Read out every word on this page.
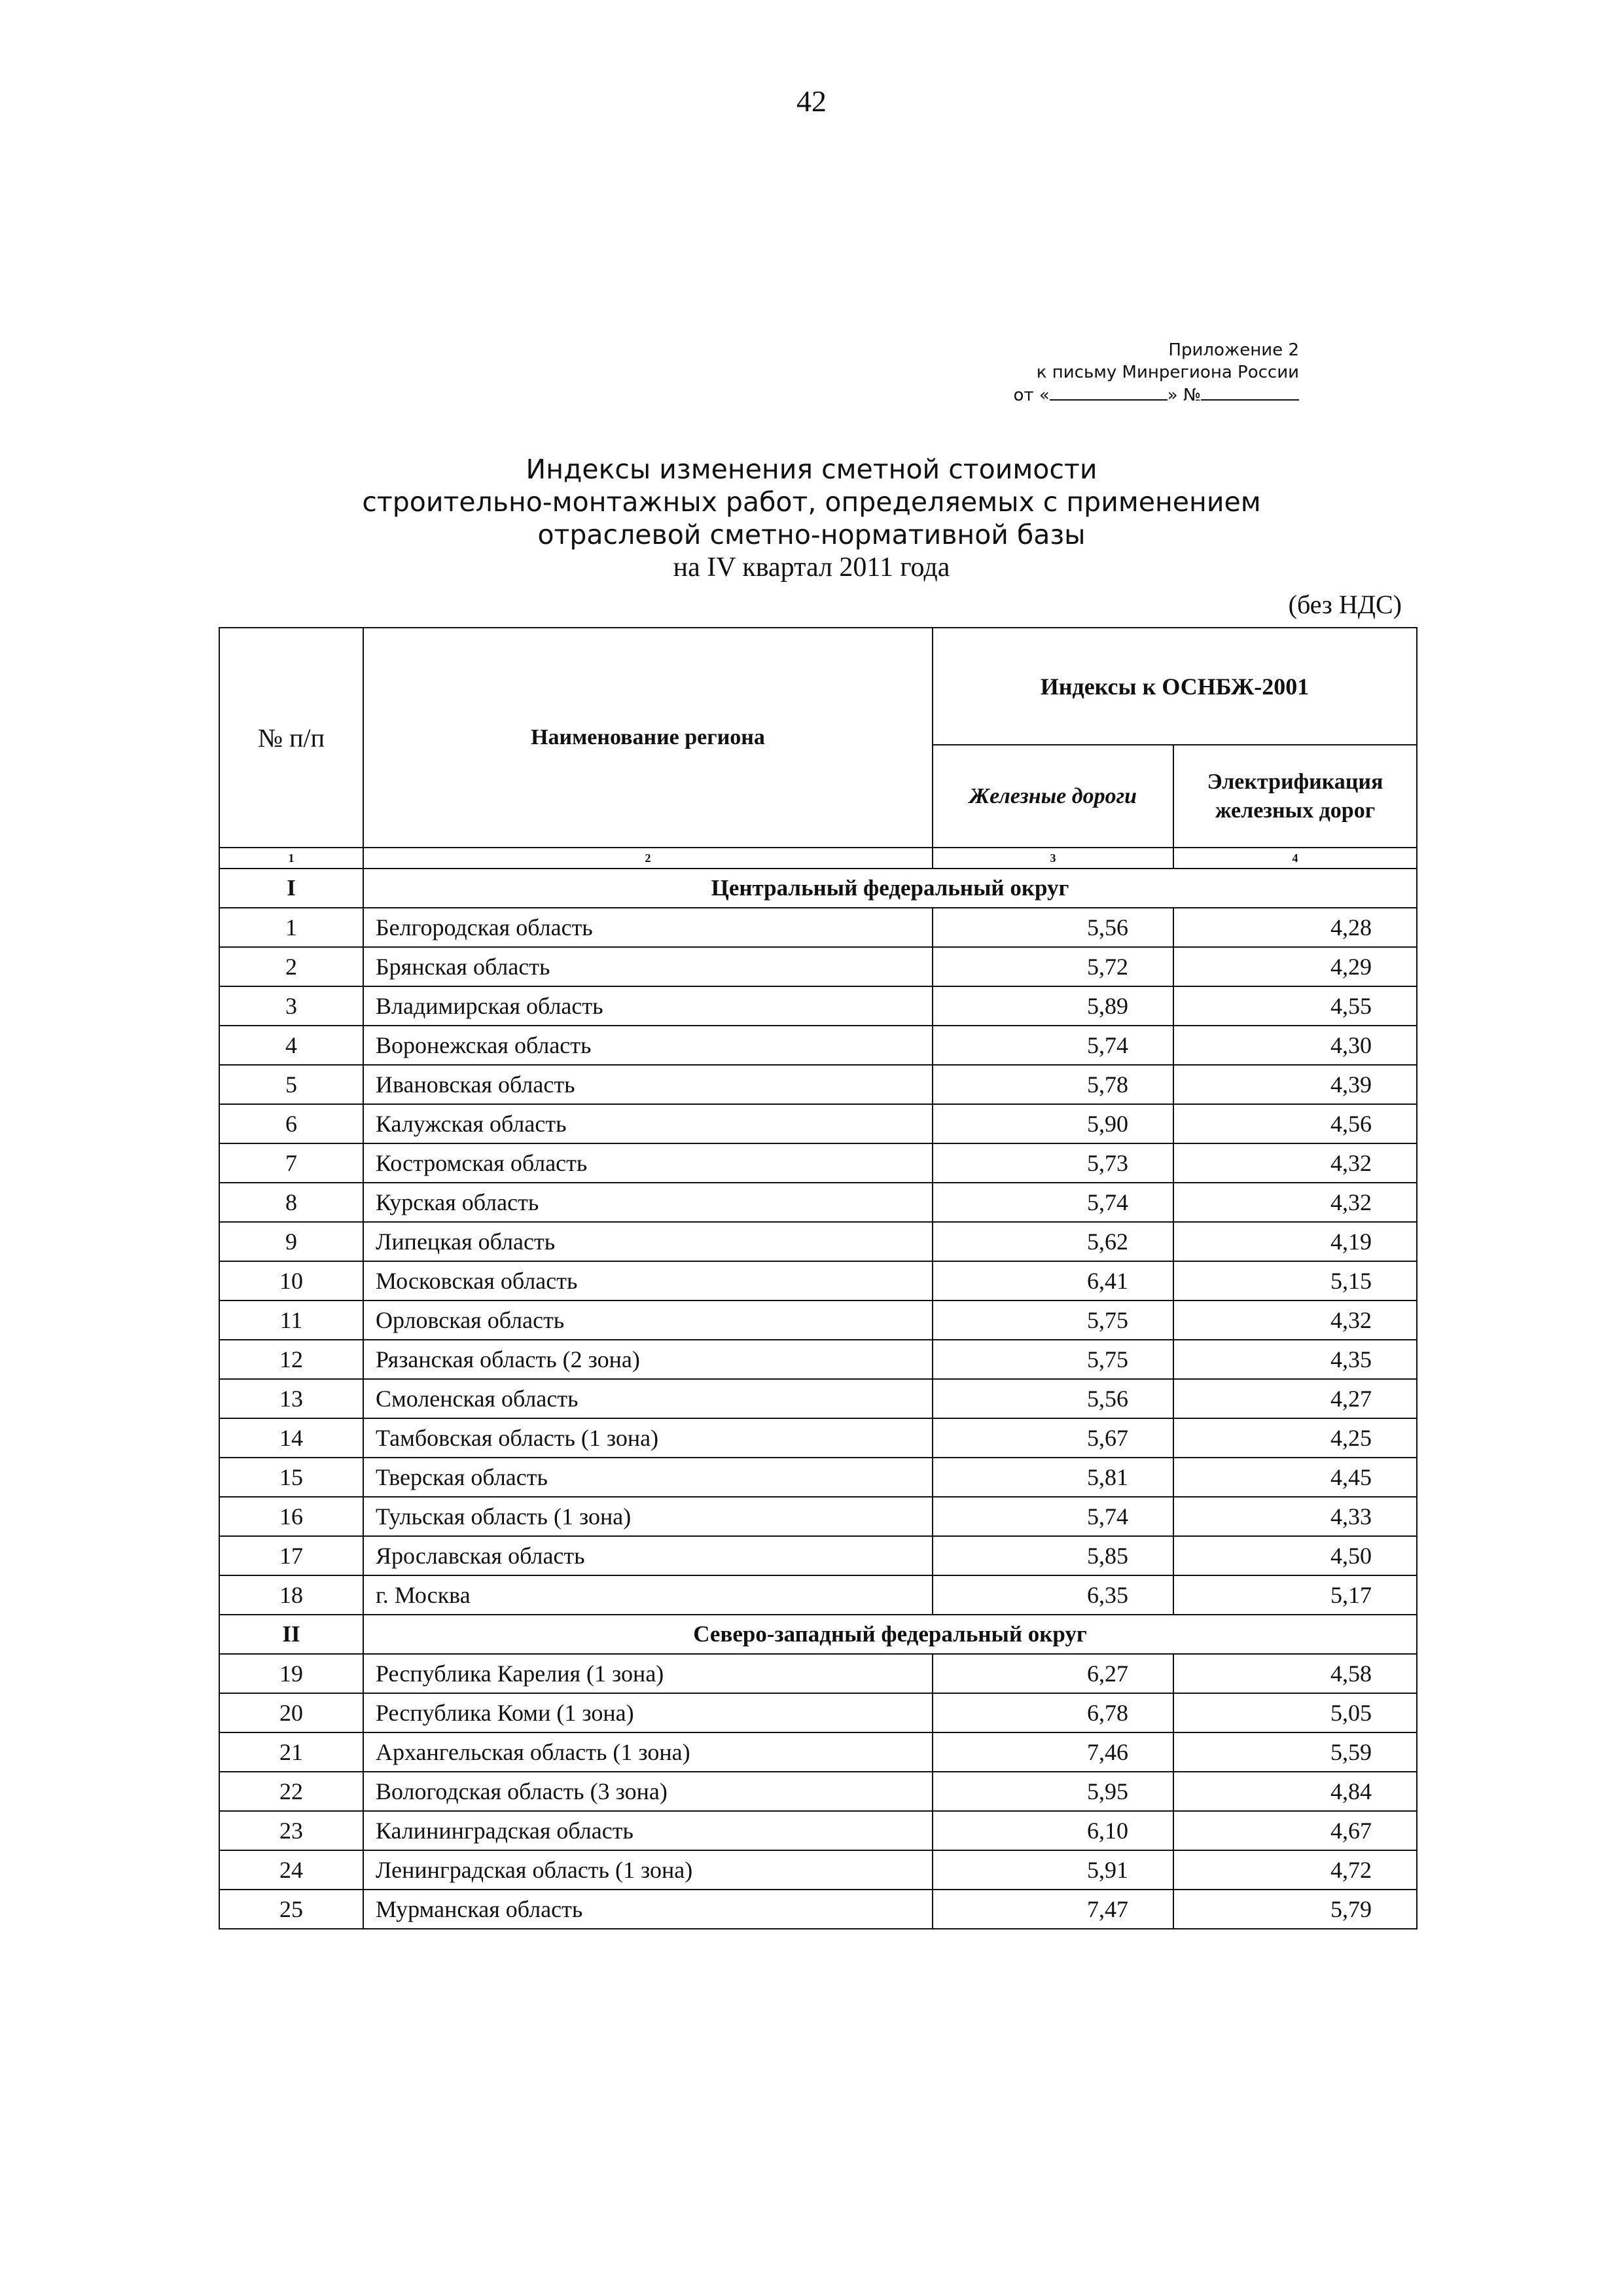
42
Приложение 2
к письму Минрегиона России
от «	» №
Индексы изменения сметной стоимости
строительно-монтажных работ, определяемых с применением
отраслевой сметно-нормативной базы
на IV квартал 2011 года
(без НДС)
№ п/п	Наименование региона	Индексы к ОСНБЖ-2001	
		Железные дороги	Электрификация железных дорог
1	2	3	4
I	Центральный федеральный округ		
1	Белгородская область	5,56	4,28
2	Брянская область	5,72	4,29
3	Владимирская область	5,89	4,55
4	Воронежская область	5,74	4,30
5	Ивановская область	5,78	4,39
6	Калужская область	5,90	4,56
7	Костромская область	5,73	4,32
8	Курская область	5,74	4,32
9	Липецкая область	5,62	4,19
10	Московская область	6,41	5,15
11	Орловская область	5,75	4,32
12	Рязанская область (2 зона)	5,75	4,35
13	Смоленская область	5,56	4,27
14	Тамбовская область (1 зона)	5,67	4,25
15	Тверская область	5,81	4,45
16	Тульская область (1 зона)	5,74	4,33
17	Ярославская область	5,85	4,50
18	г. Москва	6,35	5,17
II	Северо-западный федеральный округ		
19	Республика Карелия (1 зона)	6,27	4,58
20	Республика Коми (1 зона)	6,78	5,05
21	Архангельская область (1 зона)	7,46	5,59
22	Вологодская область (3 зона)	5,95	4,84
23	Калининградская область	6,10	4,67
24	Ленинградская область (1 зона)	5,91	4,72
25	Мурманская область	7,47	5,79
